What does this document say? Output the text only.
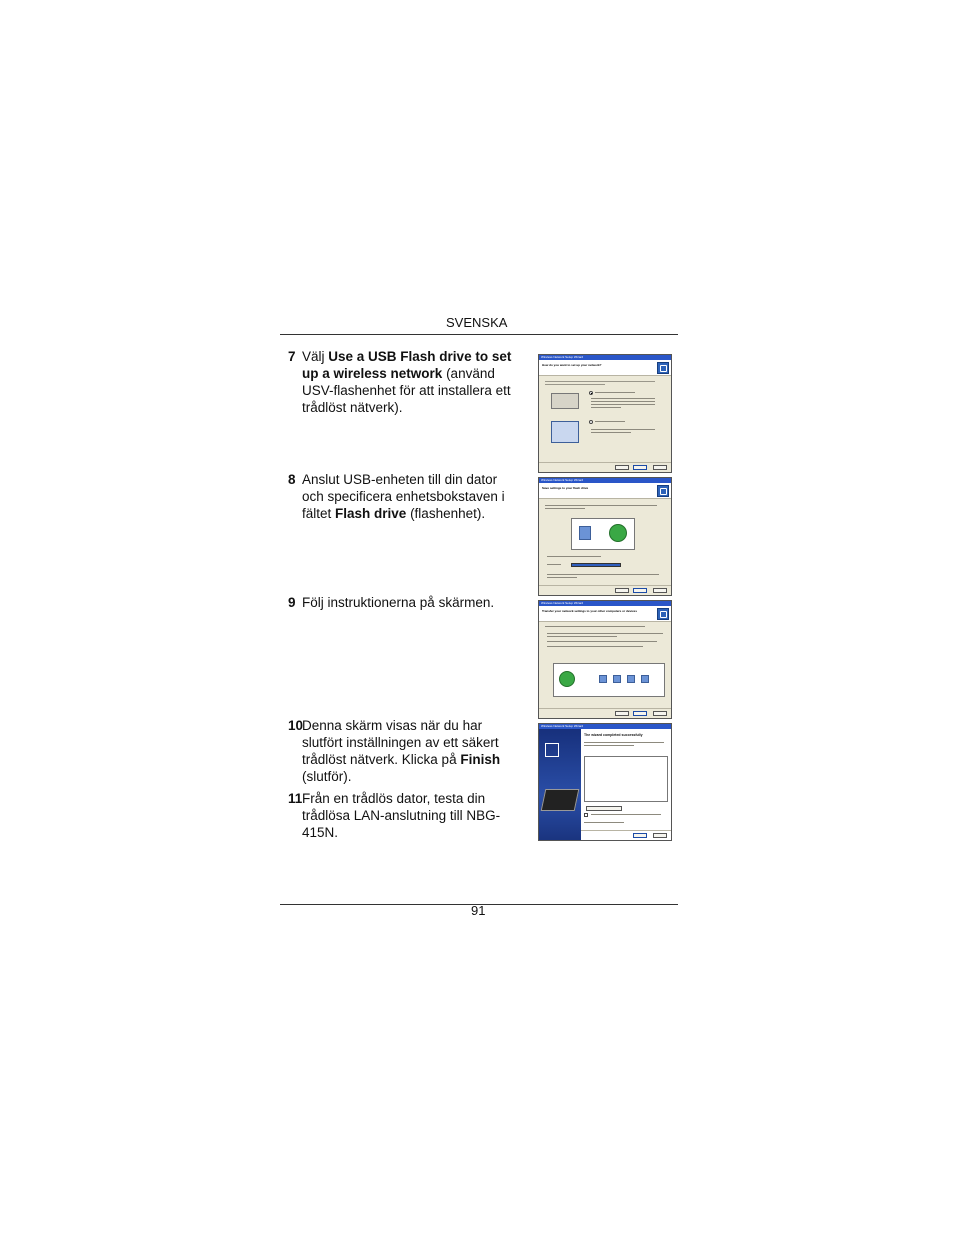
SVENSKA
7 Välj Use a USB Flash drive to set up a wireless network (använd USV-flashenhet för att installera ett trådlöst nätverk).
8 Anslut USB-enheten till din dator och specificera enhetsbokstaven i fältet Flash drive (flashenhet).
9 Följ instruktionerna på skärmen.
10
Denna skärm visas när du har slutfört inställningen av ett säkert trådlöst nätverk. Klicka på Finish (slutför).
11 Från en trådlös dator, testa din trådlösa LAN-anslutning till NBG-415N.
Wireless Network Setup Wizard
How do you want to set up your network?
Wireless Network Setup Wizard
Save settings to your flash drive
Wireless Network Setup Wizard
Transfer your network settings to your other computers or devices
Wireless Network Setup Wizard
The wizard completed successfully
91
